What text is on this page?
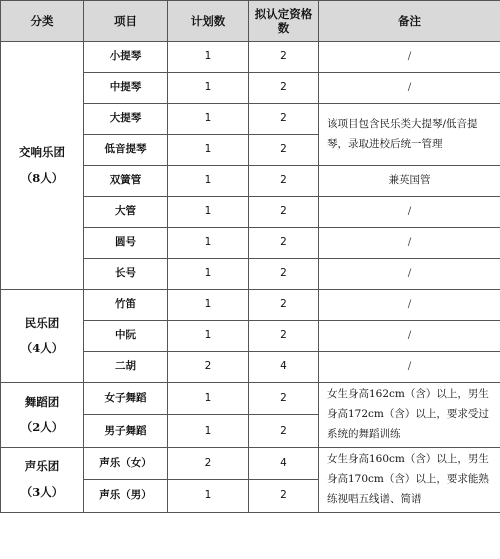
分类	项目	计划数	拟认定资格数	备注

交响乐团
（8人）	小提琴	1	2	/
	中提琴	1	2	/
	大提琴	1	2	该项目包含民乐类大提琴/低音提琴，录取进校后统一管理
	低音提琴	1	2	
	双簧管	1	2	兼英国管
	大管	1	2	/
	圆号	1	2	/
	长号	1	2	/

民乐团
（4人）	竹笛	1	2	/
	中阮	1	2	/
	二胡	2	4	/

舞蹈团
（2人）	女子舞蹈	1	2	女生身高162cm（含）以上，男生身高172cm（含）以上，要求受过系统的舞蹈训练
	男子舞蹈	1	2	

声乐团
（3人）	声乐（女）	2	4	女生身高160cm（含）以上，男生身高170cm（含）以上，要求能熟练视唱五线谱、简谱
	声乐（男）	1	2	
